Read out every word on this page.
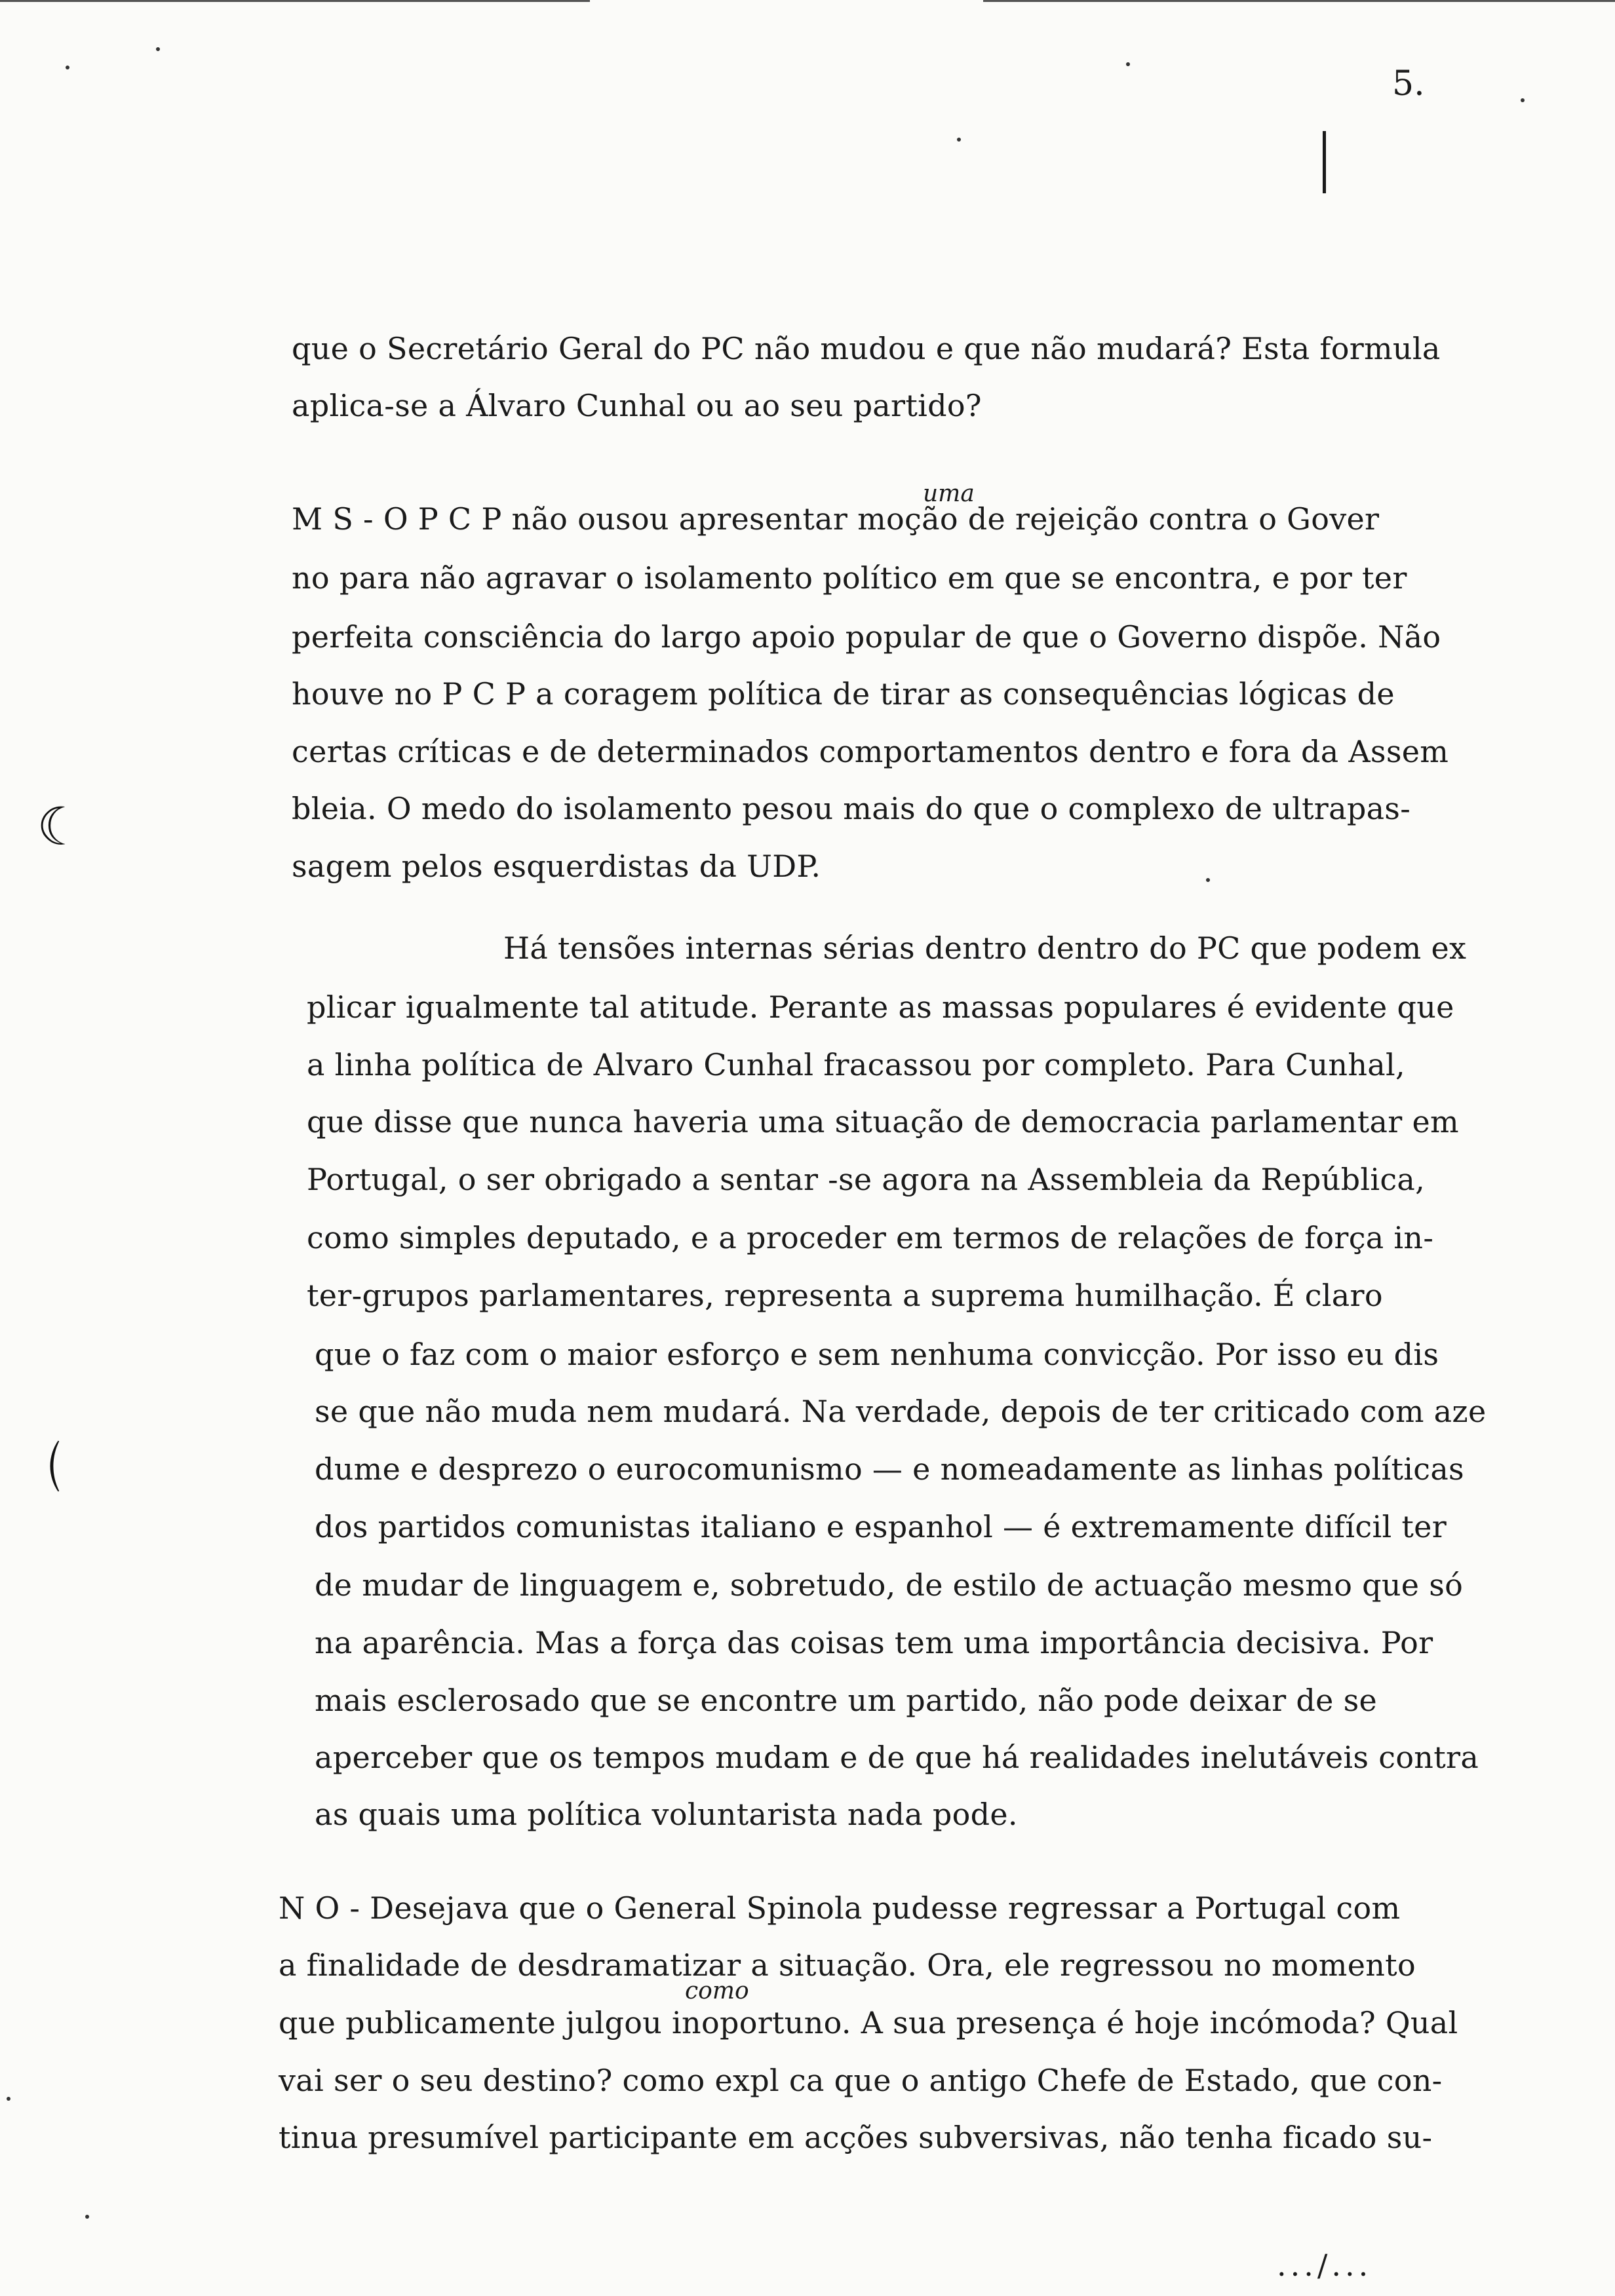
5.
☾
⌒
que o Secretário Geral do PC não mudou e que não mudará? Esta formula
aplica-se a Álvaro Cunhal ou ao seu partido?
M S - O P C P não ousou apresentar moção de rejeição contra o Gover
uma
no para não agravar o isolamento político em que se encontra, e por ter
perfeita consciência do largo apoio popular de que o Governo dispõe. Não
houve no P C P a coragem política de tirar as consequências lógicas de
certas críticas e de determinados comportamentos dentro e fora da Assem
bleia. O medo do isolamento pesou mais do que o complexo de ultrapas-
sagem pelos esquerdistas da UDP.
Há tensões internas sérias dentro dentro do PC que podem ex
plicar igualmente tal atitude. Perante as massas populares é evidente que
a linha política de Alvaro Cunhal fracassou por completo. Para Cunhal,
que disse que nunca haveria uma situação de democracia parlamentar em
Portugal, o ser obrigado a sentar -se agora na Assembleia da República,
como simples deputado, e a proceder em termos de relações de força in-
ter-grupos parlamentares, representa a suprema humilhação. É claro
que o faz com o maior esforço e sem nenhuma convicção. Por isso eu dis
se que não muda nem mudará. Na verdade, depois de ter criticado com aze
dume e desprezo o eurocomunismo — e nomeadamente as linhas políticas
dos partidos comunistas italiano e espanhol — é extremamente difícil ter
de mudar de linguagem e, sobretudo, de estilo de actuação mesmo que só
na aparência. Mas a força das coisas tem uma importância decisiva. Por
mais esclerosado que se encontre um partido, não pode deixar de se
aperceber que os tempos mudam e de que há realidades inelutáveis contra
as quais uma política voluntarista nada pode.
N O - Desejava que o General Spinola pudesse regressar a Portugal com
a finalidade de desdramatizar a situação. Ora, ele regressou no momento
como
que publicamente julgou inoportuno. A sua presença é hoje incómoda? Qual
vai ser o seu destino? como expl ca que o antigo Chefe de Estado, que con-
tinua presumível participante em acções subversivas, não tenha ficado su-
.../...
